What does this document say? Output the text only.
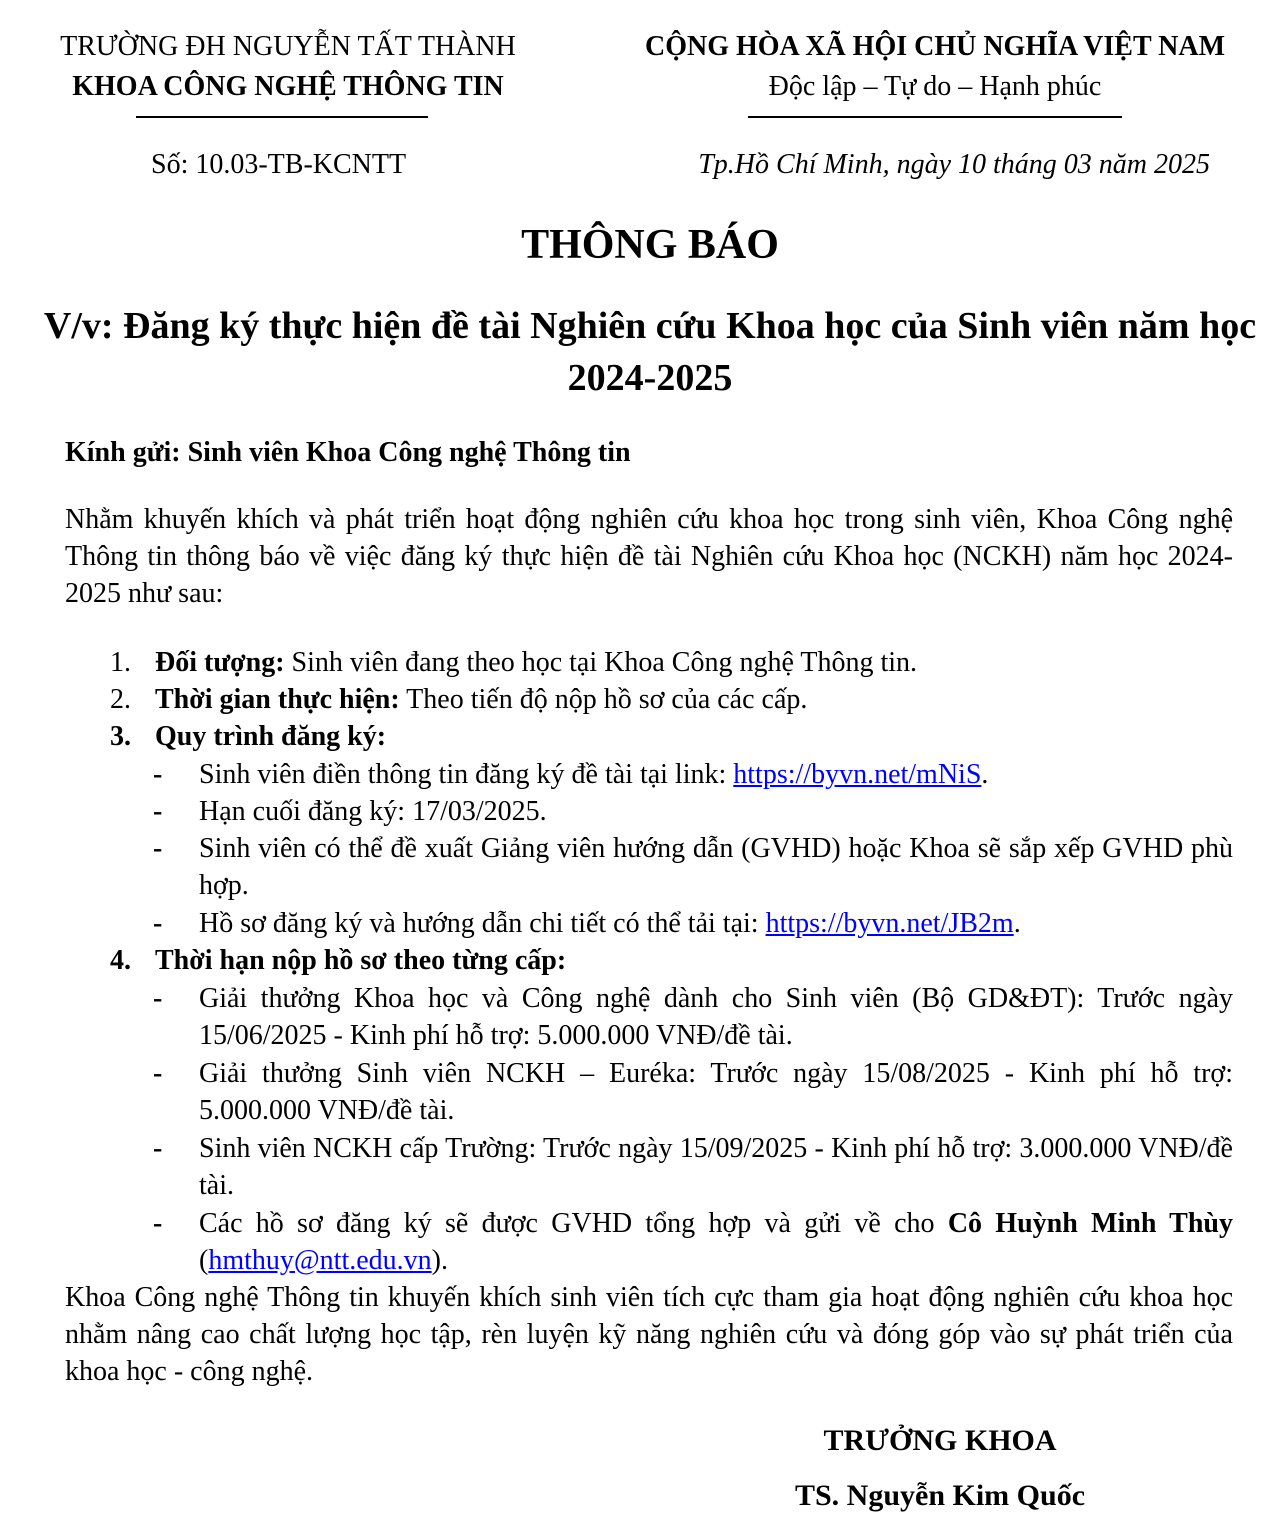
TRƯỜNG ĐH NGUYỄN TẤT THÀNH
KHOA CÔNG NGHỆ THÔNG TIN
CỘNG HÒA XÃ HỘI CHỦ NGHĨA VIỆT NAM
Độc lập – Tự do – Hạnh phúc
Số: 10.03-TB-KCNTT	Tp.Hồ Chí Minh, ngày 10 tháng 03 năm 2025
THÔNG BÁO
V/v: Đăng ký thực hiện đề tài Nghiên cứu Khoa học của Sinh viên năm học 2024-2025
Kính gửi: Sinh viên Khoa Công nghệ Thông tin
Nhằm khuyến khích và phát triển hoạt động nghiên cứu khoa học trong sinh viên, Khoa Công nghệ Thông tin thông báo về việc đăng ký thực hiện đề tài Nghiên cứu Khoa học (NCKH) năm học 2024-2025 như sau:
1. Đối tượng: Sinh viên đang theo học tại Khoa Công nghệ Thông tin.
2. Thời gian thực hiện: Theo tiến độ nộp hồ sơ của các cấp.
3. Quy trình đăng ký:
- Sinh viên điền thông tin đăng ký đề tài tại link: https://byvn.net/mNiS.
- Hạn cuối đăng ký: 17/03/2025.
- Sinh viên có thể đề xuất Giảng viên hướng dẫn (GVHD) hoặc Khoa sẽ sắp xếp GVHD phù hợp.
- Hồ sơ đăng ký và hướng dẫn chi tiết có thể tải tại: https://byvn.net/JB2m.
4. Thời hạn nộp hồ sơ theo từng cấp:
- Giải thưởng Khoa học và Công nghệ dành cho Sinh viên (Bộ GD&ĐT): Trước ngày 15/06/2025 - Kinh phí hỗ trợ: 5.000.000 VNĐ/đề tài.
- Giải thưởng Sinh viên NCKH – Euréka: Trước ngày 15/08/2025 - Kinh phí hỗ trợ: 5.000.000 VNĐ/đề tài.
- Sinh viên NCKH cấp Trường: Trước ngày 15/09/2025 - Kinh phí hỗ trợ: 3.000.000 VNĐ/đề tài.
- Các hồ sơ đăng ký sẽ được GVHD tổng hợp và gửi về cho Cô Huỳnh Minh Thùy (hmthuy@ntt.edu.vn).
Khoa Công nghệ Thông tin khuyến khích sinh viên tích cực tham gia hoạt động nghiên cứu khoa học nhằm nâng cao chất lượng học tập, rèn luyện kỹ năng nghiên cứu và đóng góp vào sự phát triển của khoa học - công nghệ.
TRƯỞNG KHOA
TS. Nguyễn Kim Quốc
